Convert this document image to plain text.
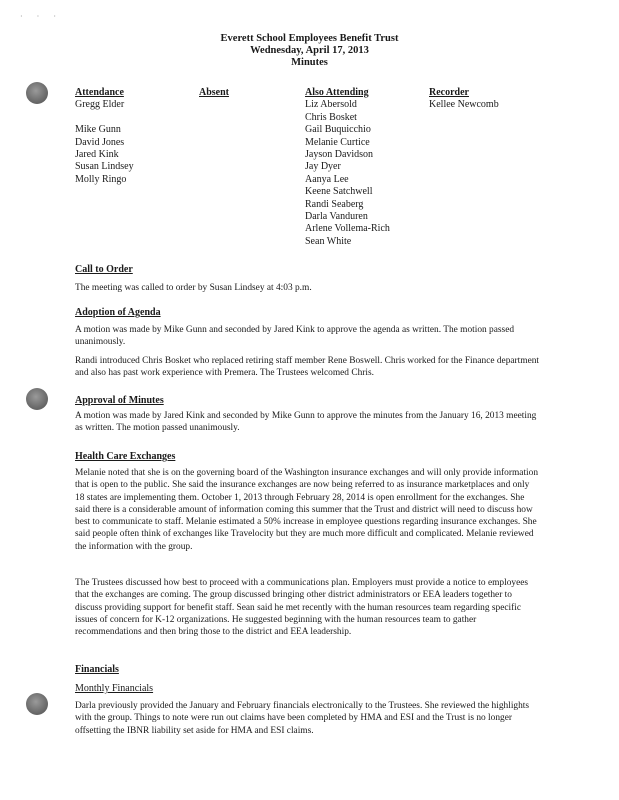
· · ·
Everett School Employees Benefit Trust
Wednesday, April 17, 2013
Minutes
Attendance
Gregg Elder
Mike Gunn
David Jones
Jared Kink
Susan Lindsey
Molly Ringo
Absent	Also Attending
Liz Abersold
Chris Bosket
Gail Buquicchio
Melanie Curtice
Jayson Davidson
Jay Dyer
Aanya Lee
Keene Satchwell
Randi Seaberg
Darla Vanduren
Arlene Vollema-Rich
Sean White
Recorder
Kellee Newcomb
Call to Order

The meeting was called to order by Susan Lindsey at 4:03 p.m.

Adoption of Agenda

A motion was made by Mike Gunn and seconded by Jared Kink to approve the agenda as written. The motion passed unanimously.

Randi introduced Chris Bosket who replaced retiring staff member Rene Boswell. Chris worked for the Finance department and also has past work experience with Premera. The Trustees welcomed Chris.

Approval of Minutes

A motion was made by Jared Kink and seconded by Mike Gunn to approve the minutes from the January 16, 2013 meeting as written. The motion passed unanimously.

Health Care Exchanges

Melanie noted that she is on the governing board of the Washington insurance exchanges and will only provide information that is open to the public. She said the insurance exchanges are now being referred to as insurance marketplaces and only 18 states are implementing them. October 1, 2013 through February 28, 2014 is open enrollment for the exchanges. She said there is a considerable amount of information coming this summer that the Trust and district will need to discuss how best to communicate to staff. Melanie estimated a 50% increase in employee questions regarding insurance exchanges. She said people often think of exchanges like Travelocity but they are much more difficult and complicated. Melanie reviewed the information with the group.

The Trustees discussed how best to proceed with a communications plan. Employers must provide a notice to employees that the exchanges are coming. The group discussed bringing other district administrators or EEA leaders together to discuss providing support for benefit staff. Sean said he met recently with the human resources team regarding specific issues of concern for K-12 organizations. He suggested beginning with the human resources team to gather recommendations and then bring those to the district and EEA leadership.

Financials
Monthly Financials

Darla previously provided the January and February financials electronically to the Trustees. She reviewed the highlights with the group. Things to note were run out claims have been completed by HMA and ESI and the Trust is no longer offsetting the IBNR liability set aside for HMA and ESI claims.
